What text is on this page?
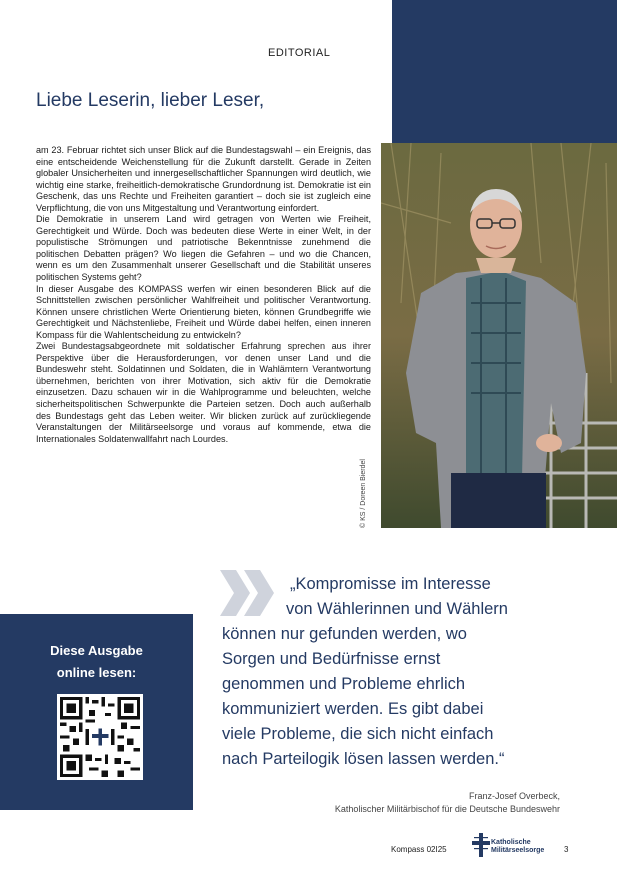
EDITORIAL
Liebe Leserin, lieber Leser,

am 23. Februar richtet sich unser Blick auf die Bundestagswahl – ein Ereignis, das eine entscheidende Weichenstellung für die Zukunft darstellt. Gerade in Zeiten globaler Unsicherheiten und innergesellschaftlicher Spannungen wird deutlich, wie wichtig eine starke, freiheitlich-demokratische Grundordnung ist. Demokratie ist ein Geschenk, das uns Rechte und Freiheiten garantiert – doch sie ist zugleich eine Verpflichtung, die von uns Mitgestaltung und Verantwortung einfordert.

Die Demokratie in unserem Land wird getragen von Werten wie Freiheit, Gerechtigkeit und Würde. Doch was bedeuten diese Werte in einer Welt, in der populistische Strömungen und patriotische Bekenntnisse zunehmend die politischen Debatten prägen? Wo liegen die Gefahren – und wo die Chancen, wenn es um den Zusammenhalt unserer Gesellschaft und die Stabilität unseres politischen Systems geht?

In dieser Ausgabe des KOMPASS werfen wir einen besonderen Blick auf die Schnittstellen zwischen persönlicher Wahlfreiheit und politischer Verantwortung. Können unsere christlichen Werte Orientierung bieten, können Grundbegriffe wie Gerechtigkeit und Nächstenliebe, Freiheit und Würde dabei helfen, einen inneren Kompass für die Wahlentscheidung zu entwickeln?

Zwei Bundestagsabgeordnete mit soldatischer Erfahrung sprechen aus ihrer Perspektive über die Herausforderungen, vor denen unser Land und die Bundeswehr steht. Soldatinnen und Soldaten, die in Wahlämtern Verantwortung übernehmen, berichten von ihrer Motivation, sich aktiv für die Demokratie einzusetzen. Dazu schauen wir in die Wahlprogramme und beleuchten, welche sicherheitspolitischen Schwerpunkte die Parteien setzen. Doch auch außerhalb des Bundestags geht das Leben weiter. Wir blicken zurück auf zurückliegende Veranstaltungen der Militärseelsorge und voraus auf kommende, etwa die Internationales Soldatenwallfahrt nach Lourdes.

© KS / Doreen Bierdel
Diese Ausgabe
online lesen:
„Kompromisse im Interesse
von Wählerinnen und Wählern
können nur gefunden werden, wo
Sorgen und Bedürfnisse ernst
genommen und Probleme ehrlich
kommuniziert werden. Es gibt dabei
viele Probleme, die sich nicht einfach
nach Parteilogik lösen lassen werden.“
Franz-Josef Overbeck,
Katholischer Militärbischof für die Deutsche Bundeswehr
Kompass 02I25
Katholische
Militärseelsorge 3
